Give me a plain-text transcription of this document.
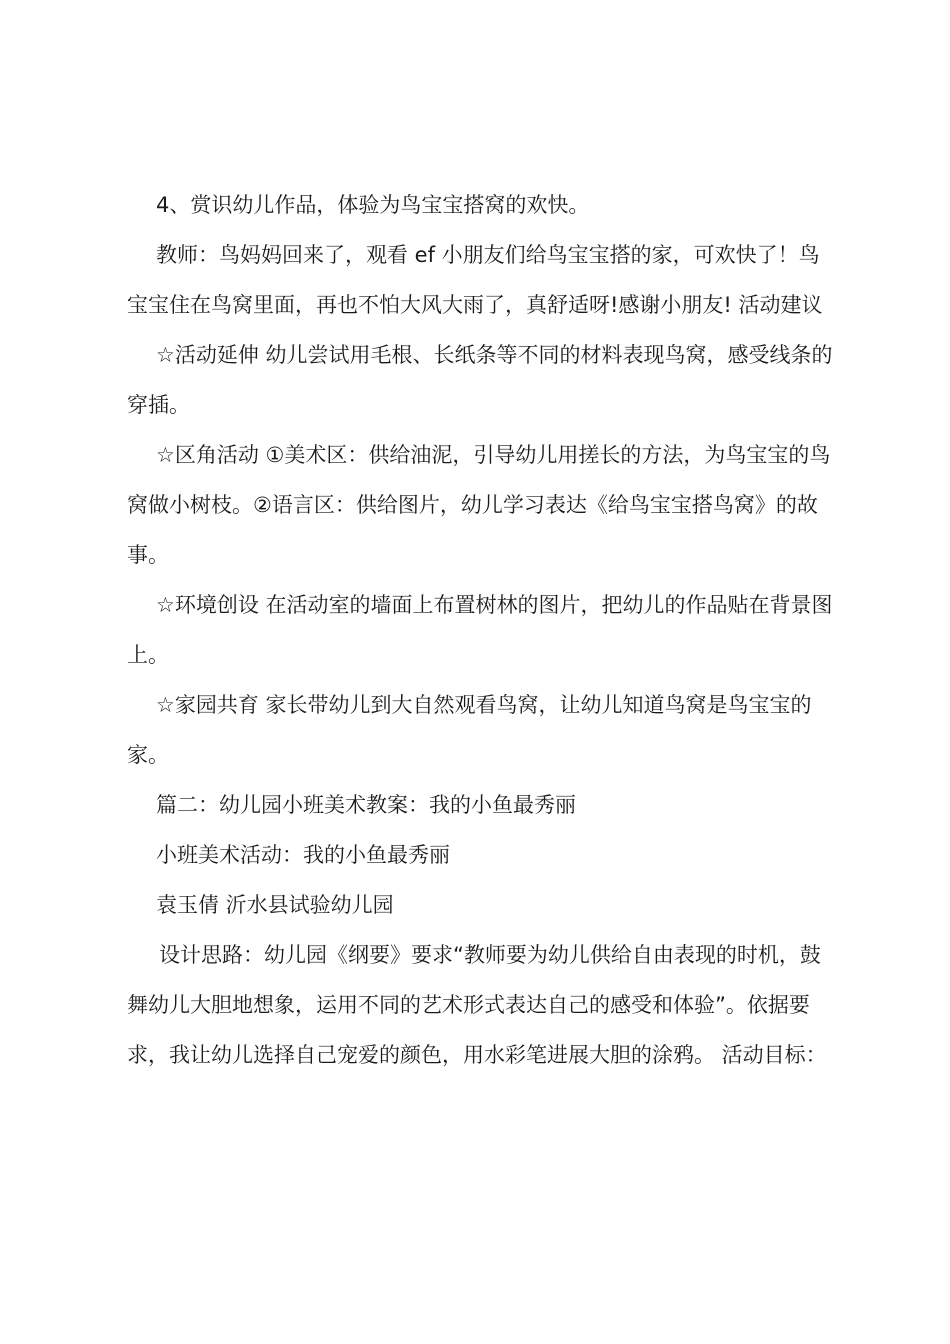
4、赏识幼儿作品，体验为鸟宝宝搭窝的欢快。

教师：鸟妈妈回来了，观看 ef 小朋友们给鸟宝宝搭的家，可欢快了！鸟宝宝住在鸟窝里面，再也不怕大风大雨了，真舒适呀!感谢小朋友! 活动建议

☆活动延伸 幼儿尝试用毛根、长纸条等不同的材料表现鸟窝，感受线条的穿插。

☆区角活动 ①美术区：供给油泥，引导幼儿用搓长的方法，为鸟宝宝的鸟窝做小树枝。②语言区：供给图片，幼儿学习表达《给鸟宝宝搭鸟窝》的故事。

☆环境创设 在活动室的墙面上布置树林的图片，把幼儿的作品贴在背景图上。

☆家园共育 家长带幼儿到大自然观看鸟窝，让幼儿知道鸟窝是鸟宝宝的家。

篇二：幼儿园小班美术教案：我的小鱼最秀丽

小班美术活动：我的小鱼最秀丽

袁玉倩 沂水县试验幼儿园

设计思路：幼儿园《纲要》要求“教师要为幼儿供给自由表现的时机，鼓舞幼儿大胆地想象，运用不同的艺术形式表达自己的感受和体验”。依据要求，我让幼儿选择自己宠爱的颜色，用水彩笔进展大胆的涂鸦。 活动目标：
